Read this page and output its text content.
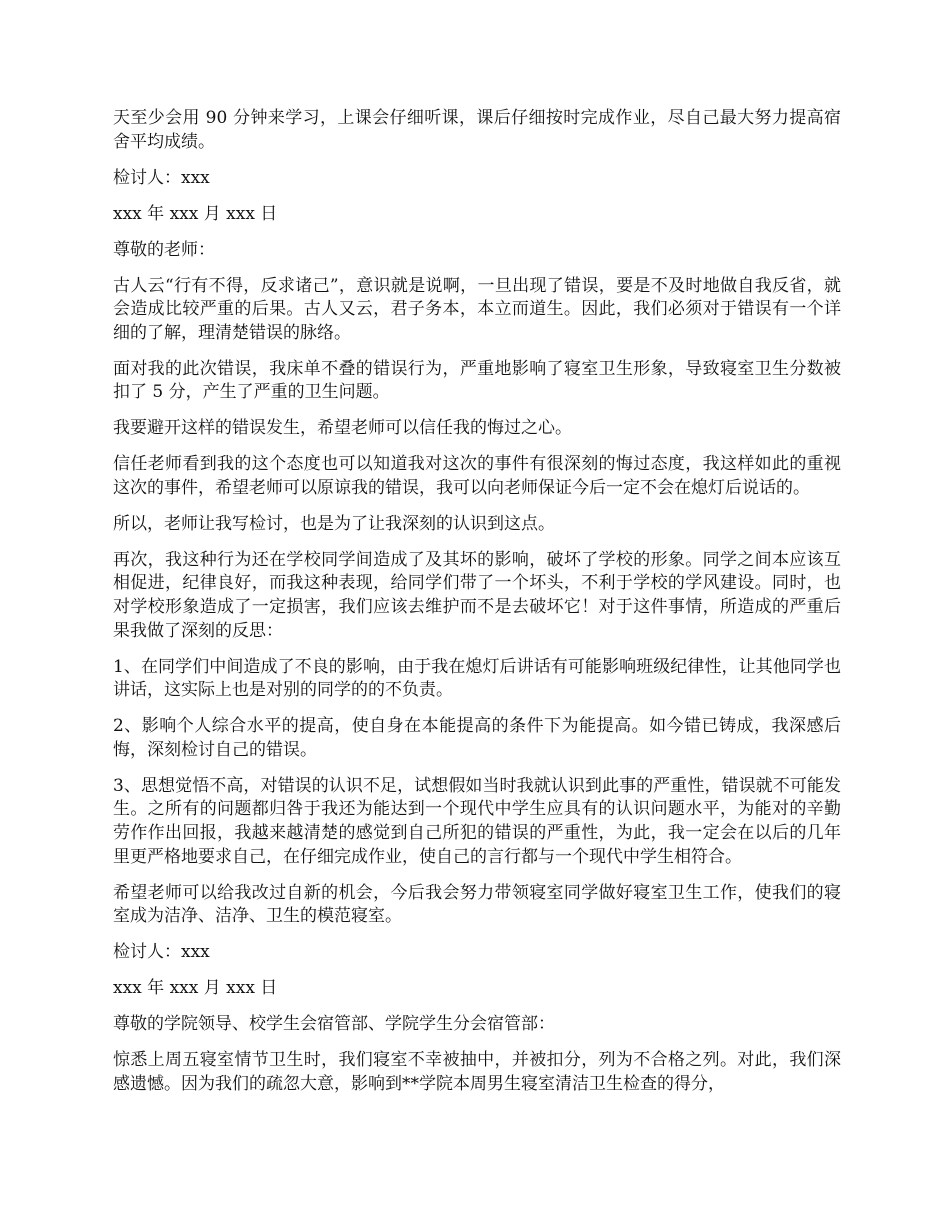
天至少会用 90 分钟来学习，上课会仔细听课，课后仔细按时完成作业，尽自己最大努力提高宿舍平均成绩。

检讨人：xxx

xxx 年 xxx 月 xxx 日

尊敬的老师：

古人云“行有不得，反求诸己”，意识就是说啊，一旦出现了错误，要是不及时地做自我反省，就会造成比较严重的后果。古人又云，君子务本，本立而道生。因此，我们必须对于错误有一个详细的了解，理清楚错误的脉络。

面对我的此次错误，我床单不叠的错误行为，严重地影响了寝室卫生形象，导致寝室卫生分数被扣了 5 分，产生了严重的卫生问题。

我要避开这样的错误发生，希望老师可以信任我的悔过之心。

信任老师看到我的这个态度也可以知道我对这次的事件有很深刻的悔过态度，我这样如此的重视这次的事件，希望老师可以原谅我的错误，我可以向老师保证今后一定不会在熄灯后说话的。

所以，老师让我写检讨，也是为了让我深刻的认识到这点。

再次，我这种行为还在学校同学间造成了及其坏的影响，破坏了学校的形象。同学之间本应该互相促进，纪律良好，而我这种表现，给同学们带了一个坏头，不利于学校的学风建设。同时，也对学校形象造成了一定损害，我们应该去维护而不是去破坏它！对于这件事情，所造成的严重后果我做了深刻的反思：

1、在同学们中间造成了不良的影响，由于我在熄灯后讲话有可能影响班级纪律性，让其他同学也讲话，这实际上也是对别的同学的的不负责。

2、影响个人综合水平的提高，使自身在本能提高的条件下为能提高。如今错已铸成，我深感后悔，深刻检讨自己的错误。

3、思想觉悟不高，对错误的认识不足，试想假如当时我就认识到此事的严重性，错误就不可能发生。之所有的问题都归咎于我还为能达到一个现代中学生应具有的认识问题水平，为能对的辛勤劳作作出回报，我越来越清楚的感觉到自己所犯的错误的严重性，为此，我一定会在以后的几年里更严格地要求自己，在仔细完成作业，使自己的言行都与一个现代中学生相符合。

希望老师可以给我改过自新的机会，今后我会努力带领寝室同学做好寝室卫生工作，使我们的寝室成为洁净、洁净、卫生的模范寝室。

检讨人：xxx

xxx 年 xxx 月 xxx 日

尊敬的学院领导、校学生会宿管部、学院学生分会宿管部：

惊悉上周五寝室情节卫生时，我们寝室不幸被抽中，并被扣分，列为不合格之列。对此，我们深感遗憾。因为我们的疏忽大意，影响到**学院本周男生寝室清洁卫生检查的得分，
